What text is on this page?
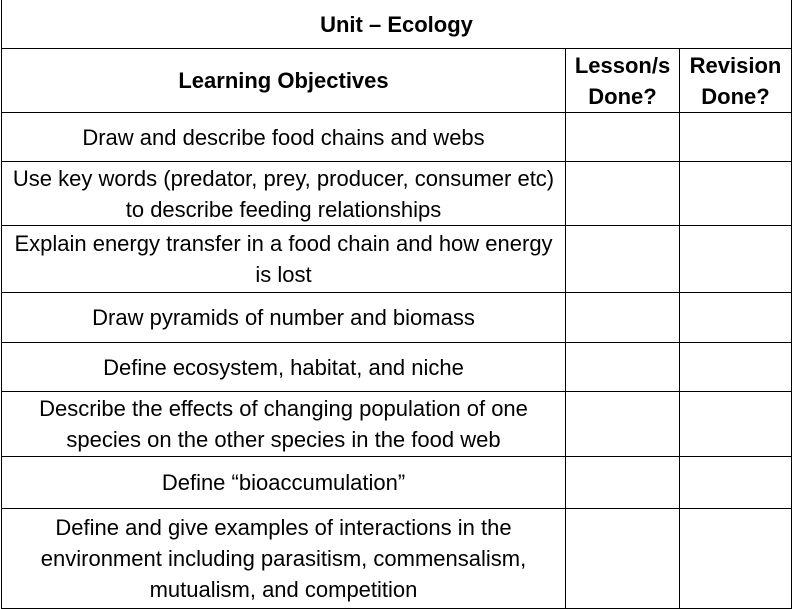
Unit – Ecology		
Learning Objectives	Lesson/s Done?	Revision Done?
Draw and describe food chains and webs		
Use key words (predator, prey, producer, consumer etc) to describe feeding relationships		
Explain energy transfer in a food chain and how energy is lost		
Draw pyramids of number and biomass		
Define ecosystem, habitat, and niche		
Describe the effects of changing population of one species on the other species in the food web		
Define “bioaccumulation”		
Define and give examples of interactions in the environment including parasitism, commensalism, mutualism, and competition		
